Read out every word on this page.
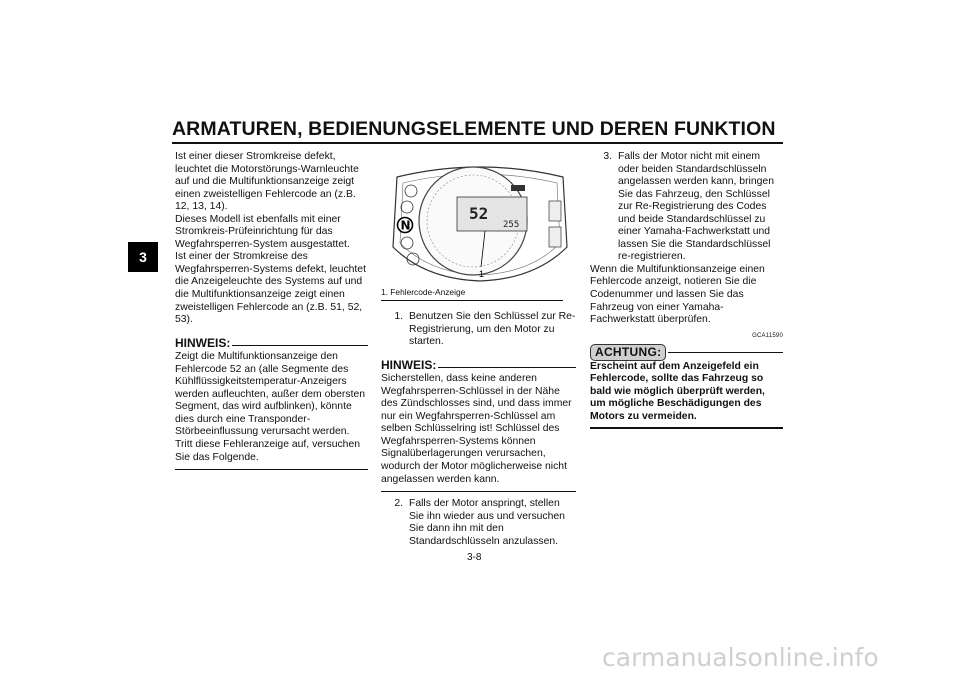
ARMATUREN, BEDIENUNGSELEMENTE UND DEREN FUNKTION
3

Ist einer dieser Stromkreise defekt, leuchtet die Motorstörungs-Warnleuchte auf und die Multifunktionsanzeige zeigt einen zweistelligen Fehlercode an (z.B. 12, 13, 14).

Dieses Modell ist ebenfalls mit einer Stromkreis-Prüfeinrichtung für das Wegfahrsperren-System ausgestattet.

Ist einer der Stromkreise des Wegfahrsperren-Systems defekt, leuchtet die Anzeigeleuchte des Systems auf und die Multifunktionsanzeige zeigt einen zweistelligen Fehlercode an (z.B. 51, 52, 53).

HINWEIS:

Zeigt die Multifunktionsanzeige den Fehlercode 52 an (alle Segmente des Kühlflüssigkeitstemperatur-Anzeigers werden aufleuchten, außer dem obersten Segment, das wird aufblinken), könnte dies durch eine Transponder-Störbeeinflussung verursacht werden. Tritt diese Fehleranzeige auf, versuchen Sie das Folgende.

52
255
N
1
1. Fehlercode-Anzeige
1. Benutzen Sie den Schlüssel zur Re-Registrierung, um den Motor zu starten.
HINWEIS:

Sicherstellen, dass keine anderen Wegfahrsperren-Schlüssel in der Nähe des Zündschlosses sind, und dass immer nur ein Wegfahrsperren-Schlüssel am selben Schlüsselring ist! Schlüssel des Wegfahrsperren-Systems können Signalüberlagerungen verursachen, wodurch der Motor möglicherweise nicht angelassen werden kann.

2. Falls der Motor anspringt, stellen Sie ihn wieder aus und versuchen Sie dann ihn mit den Standardschlüsseln anzulassen.
3. Falls der Motor nicht mit einem oder beiden Standardschlüsseln angelassen werden kann, bringen Sie das Fahrzeug, den Schlüssel zur Re-Registrierung des Codes und beide Standardschlüssel zu einer Yamaha-Fachwerkstatt und lassen Sie die Standardschlüssel re-registrieren.

Wenn die Multifunktionsanzeige einen Fehlercode anzeigt, notieren Sie die Codenummer und lassen Sie das Fahrzeug von einer Yamaha-Fachwerkstatt überprüfen.

GCA11590
ACHTUNG:

Erscheint auf dem Anzeigefeld ein Fehlercode, sollte das Fahrzeug so bald wie möglich überprüft werden, um mögliche Beschädigungen des Motors zu vermeiden.

3-8
carmanualsonline.info
